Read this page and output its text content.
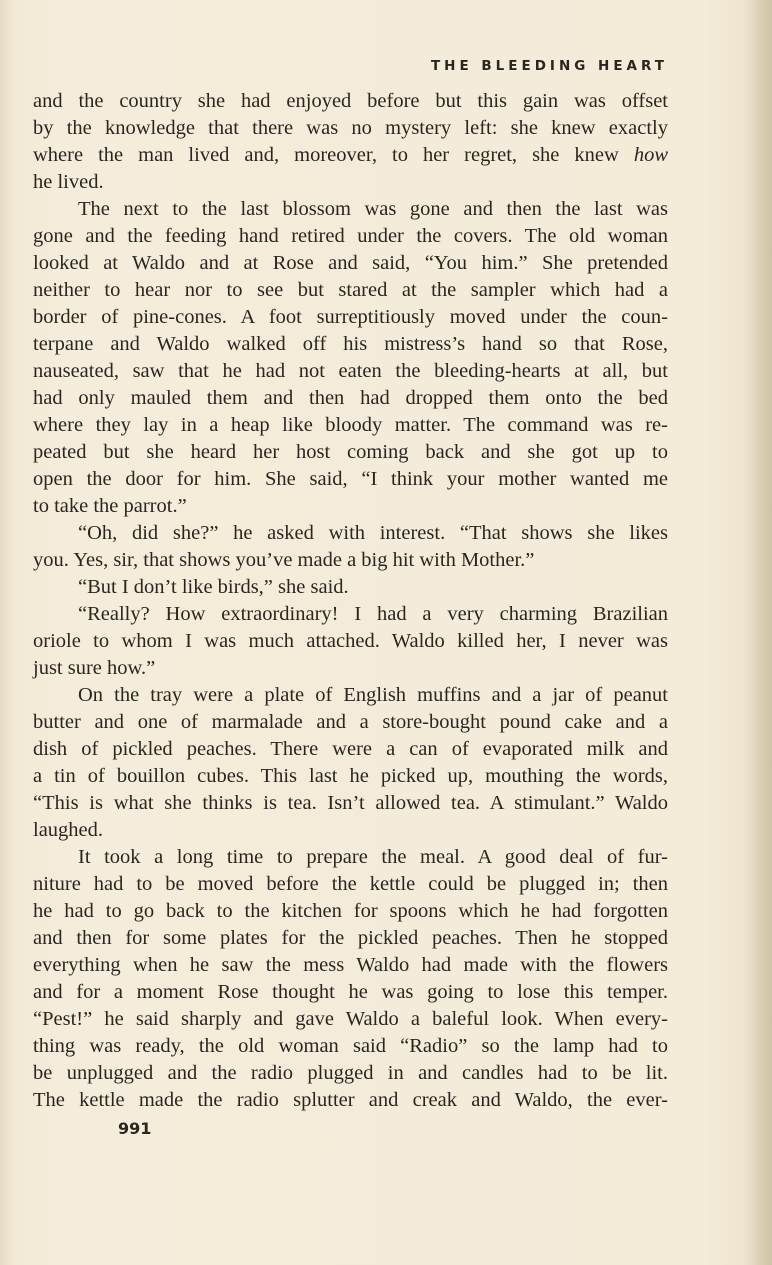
THE BLEEDING HEART
and the country she had enjoyed before but this gain was offset
by the knowledge that there was no mystery left: she knew exactly
where the man lived and, moreover, to her regret, she knew how
he lived.
The next to the last blossom was gone and then the last was
gone and the feeding hand retired under the covers. The old woman
looked at Waldo and at Rose and said, “You him.” She pretended
neither to hear nor to see but stared at the sampler which had a
border of pine-cones. A foot surreptitiously moved under the coun-
terpane and Waldo walked off his mistress’s hand so that Rose,
nauseated, saw that he had not eaten the bleeding-hearts at all, but
had only mauled them and then had dropped them onto the bed
where they lay in a heap like bloody matter. The command was re-
peated but she heard her host coming back and she got up to
open the door for him. She said, “I think your mother wanted me
to take the parrot.”
“Oh, did she?” he asked with interest. “That shows she likes
you. Yes, sir, that shows you’ve made a big hit with Mother.”
“But I don’t like birds,” she said.
“Really? How extraordinary! I had a very charming Brazilian
oriole to whom I was much attached. Waldo killed her, I never was
just sure how.”
On the tray were a plate of English muffins and a jar of peanut
butter and one of marmalade and a store-bought pound cake and a
dish of pickled peaches. There were a can of evaporated milk and
a tin of bouillon cubes. This last he picked up, mouthing the words,
“This is what she thinks is tea. Isn’t allowed tea. A stimulant.” Waldo
laughed.
It took a long time to prepare the meal. A good deal of fur-
niture had to be moved before the kettle could be plugged in; then
he had to go back to the kitchen for spoons which he had forgotten
and then for some plates for the pickled peaches. Then he stopped
everything when he saw the mess Waldo had made with the flowers
and for a moment Rose thought he was going to lose this temper.
“Pest!” he said sharply and gave Waldo a baleful look. When every-
thing was ready, the old woman said “Radio” so the lamp had to
be unplugged and the radio plugged in and candles had to be lit.
The kettle made the radio splutter and creak and Waldo, the ever-
991
